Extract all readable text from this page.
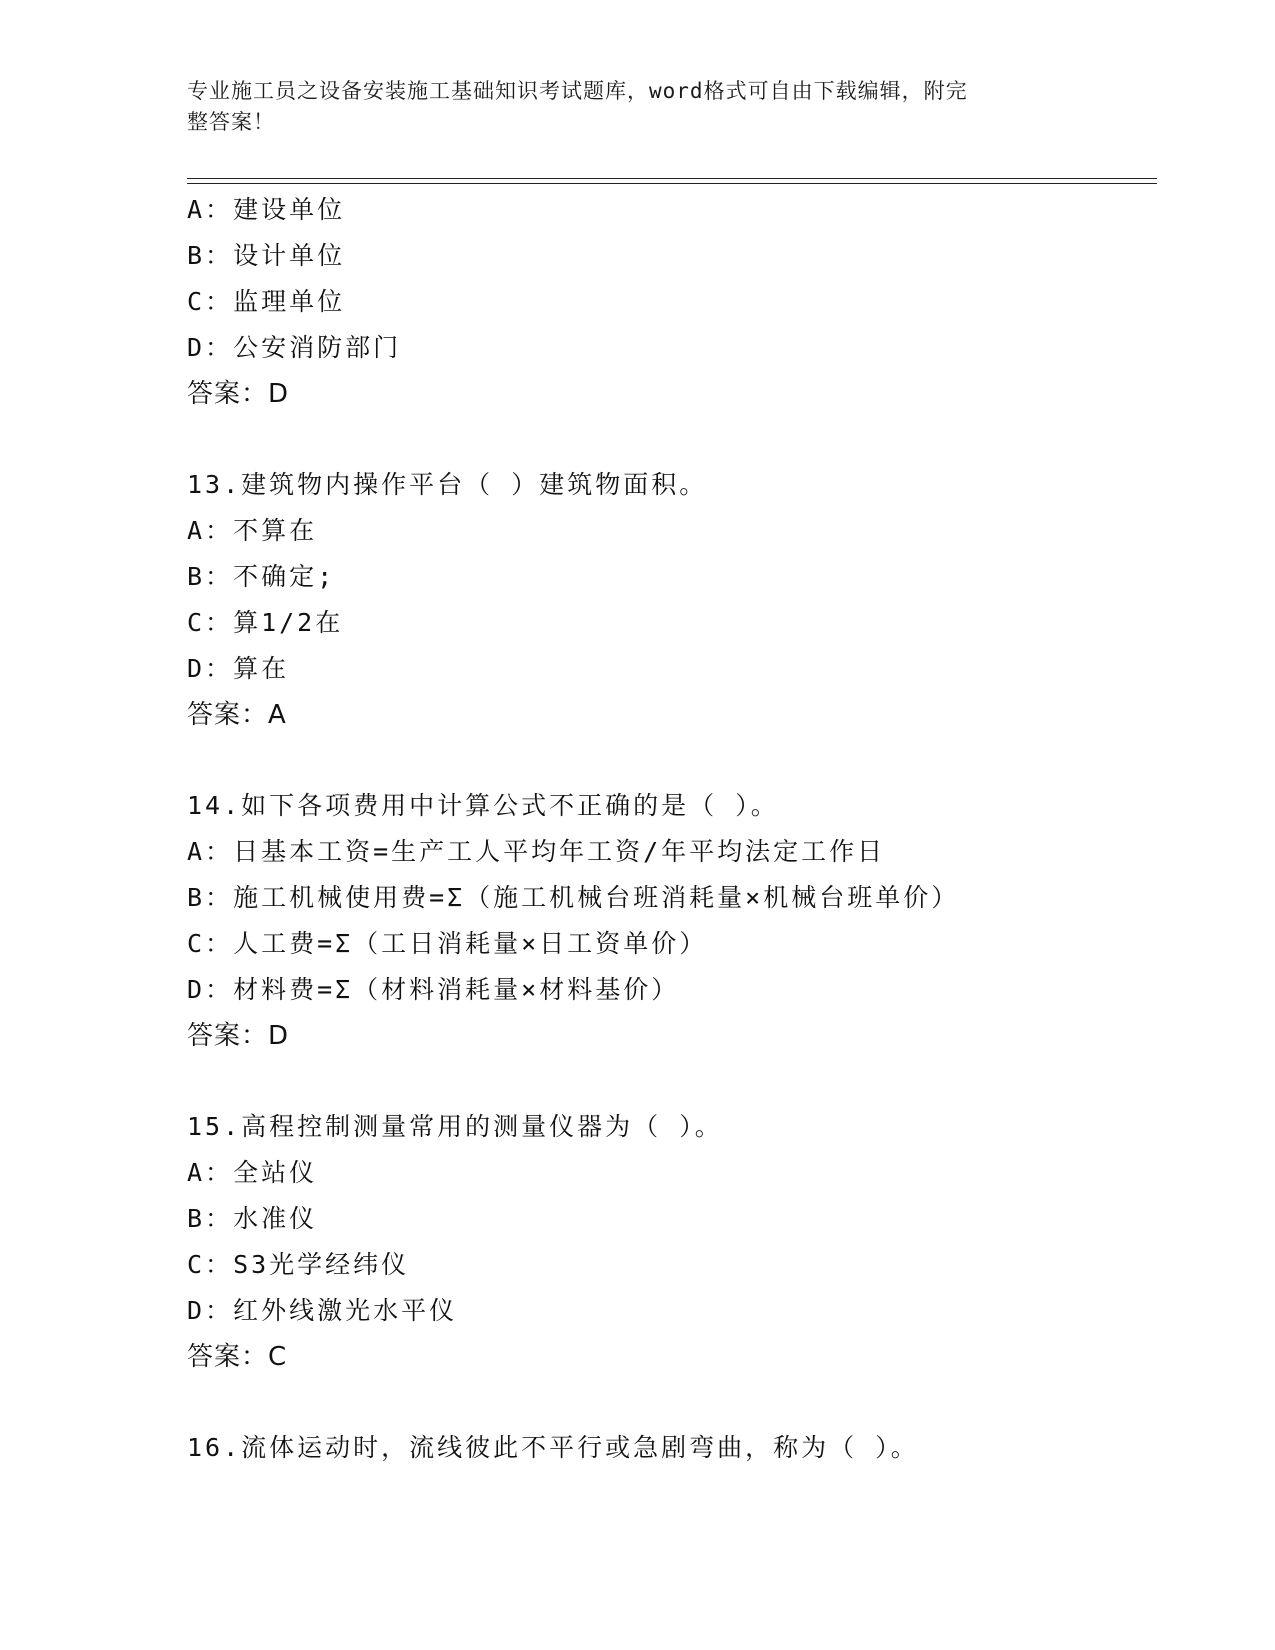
专业施工员之设备安装施工基础知识考试题库，word格式可自由下载编辑，附完
整答案！
A：建设单位
B：设计单位
C：监理单位
D：公安消防部门
答案：D
13.建筑物内操作平台（ ）建筑物面积。
A：不算在
B：不确定;
C：算1/2在
D：算在
答案：A
14.如下各项费用中计算公式不正确的是（ ）。
A：日基本工资=生产工人平均年工资/年平均法定工作日
B：施工机械使用费=Σ（施工机械台班消耗量×机械台班单价）
C：人工费=Σ（工日消耗量×日工资单价）
D：材料费=Σ（材料消耗量×材料基价）
答案：D
15.高程控制测量常用的测量仪器为（ ）。
A：全站仪
B：水准仪
C：S3光学经纬仪
D：红外线激光水平仪
答案：C
16.流体运动时，流线彼此不平行或急剧弯曲，称为（ ）。
